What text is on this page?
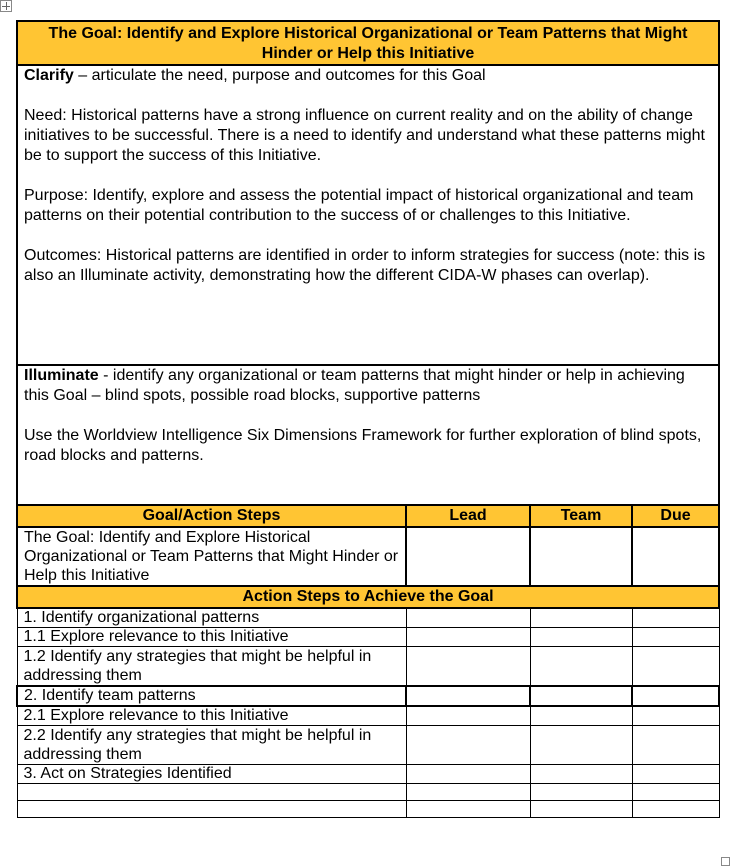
The Goal: Identify and Explore Historical Organizational or Team Patterns that Might Hinder or Help this Initiative			

Clarify – articulate the need, purpose and outcomes for this Goal

Need: Historical patterns have a strong influence on current reality and on the ability of change initiatives to be successful. There is a need to identify and understand what these patterns might be to support the success of this Initiative.

Purpose: Identify, explore and assess the potential impact of historical organizational and team patterns on their potential contribution to the success of or challenges to this Initiative.

Outcomes: Historical patterns are identified in order to inform strategies for success (note: this is also an Illuminate activity, demonstrating how the different CIDA-W phases can overlap).			

Illuminate - identify any organizational or team patterns that might hinder or help in achieving this Goal – blind spots, possible road blocks, supportive patterns

Use the Worldview Intelligence Six Dimensions Framework for further exploration of blind spots, road blocks and patterns.			

Goal/Action Steps	Lead	Team	Due
The Goal: Identify and Explore Historical Organizational or Team Patterns that Might Hinder or Help this Initiative			
Action Steps to Achieve the Goal			
1. Identify organizational patterns			
1.1 Explore relevance to this Initiative			
1.2 Identify any strategies that might be helpful in addressing them			
2. Identify team patterns			
2.1 Explore relevance to this Initiative			
2.2 Identify any strategies that might be helpful in addressing them			
3. Act on Strategies Identified			
